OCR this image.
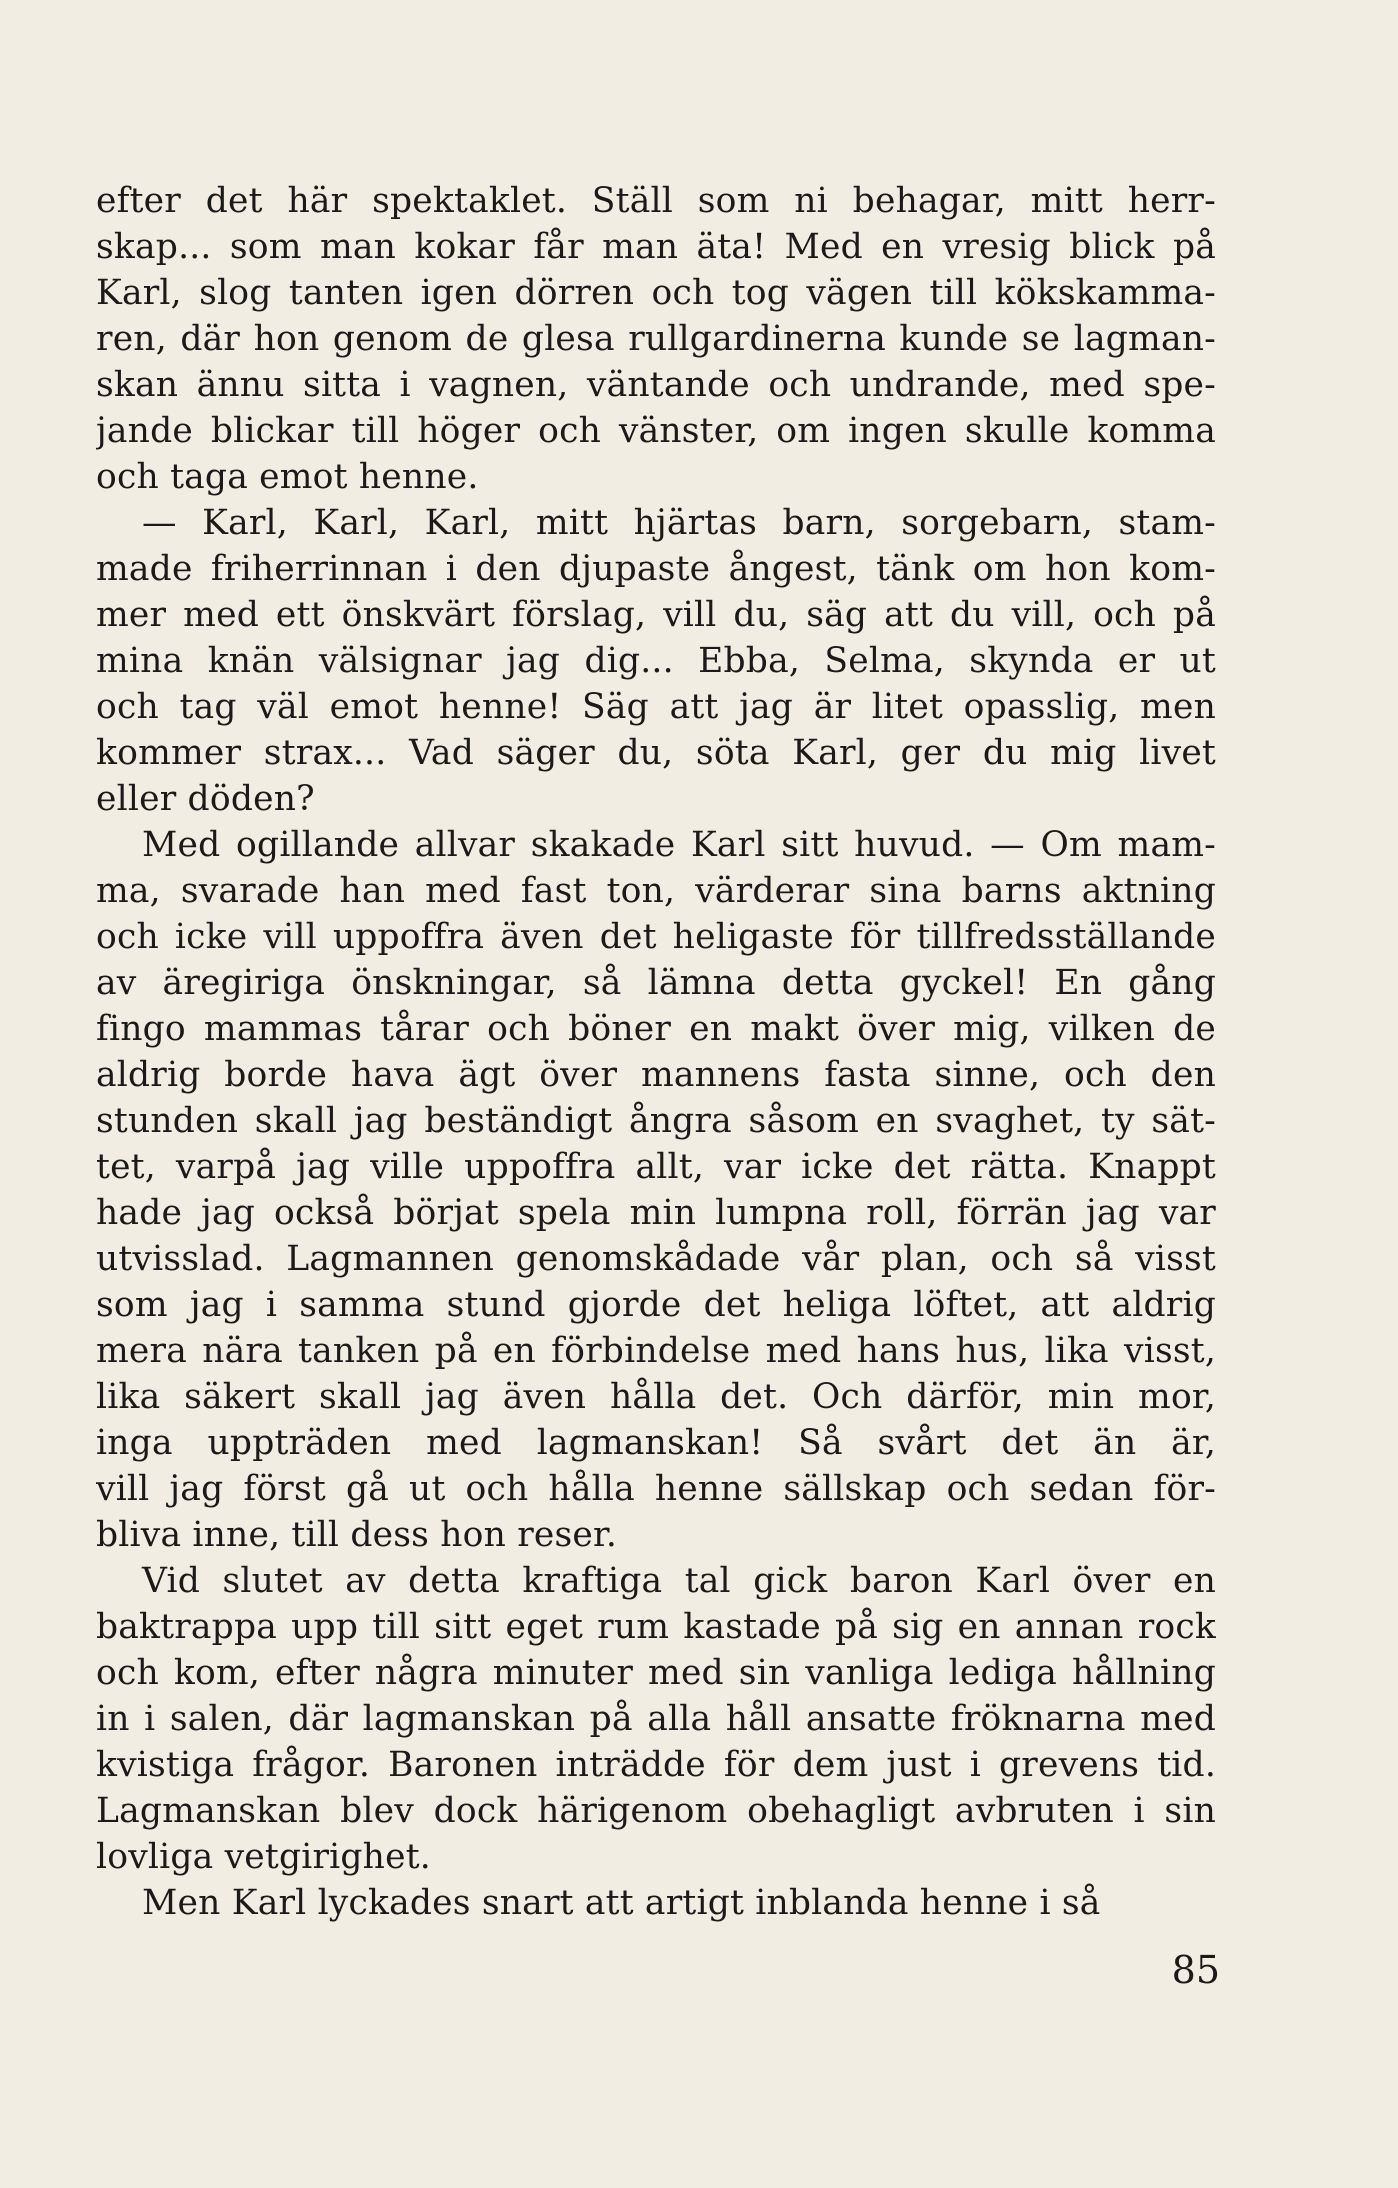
efter det här spektaklet. Ställ som ni behagar, mitt herr-
skap... som man kokar får man äta! Med en vresig blick på
Karl, slog tanten igen dörren och tog vägen till kökskamma-
ren, där hon genom de glesa rullgardinerna kunde se lagman-
skan ännu sitta i vagnen, väntande och undrande, med spe-
jande blickar till höger och vänster, om ingen skulle komma
och taga emot henne.
— Karl, Karl, Karl, mitt hjärtas barn, sorgebarn, stam-
made friherrinnan i den djupaste ångest, tänk om hon kom-
mer med ett önskvärt förslag, vill du, säg att du vill, och på
mina knän välsignar jag dig... Ebba, Selma, skynda er ut
och tag väl emot henne! Säg att jag är litet opasslig, men
kommer strax... Vad säger du, söta Karl, ger du mig livet
eller döden?
Med ogillande allvar skakade Karl sitt huvud. — Om mam-
ma, svarade han med fast ton, värderar sina barns aktning
och icke vill uppoffra även det heligaste för tillfredsställande
av äregiriga önskningar, så lämna detta gyckel! En gång
fingo mammas tårar och böner en makt över mig, vilken de
aldrig borde hava ägt över mannens fasta sinne, och den
stunden skall jag beständigt ångra såsom en svaghet, ty sät-
tet, varpå jag ville uppoffra allt, var icke det rätta. Knappt
hade jag också börjat spela min lumpna roll, förrän jag var
utvisslad. Lagmannen genomskådade vår plan, och så visst
som jag i samma stund gjorde det heliga löftet, att aldrig
mera nära tanken på en förbindelse med hans hus, lika visst,
lika säkert skall jag även hålla det. Och därför, min mor,
inga uppträden med lagmanskan! Så svårt det än är,
vill jag först gå ut och hålla henne sällskap och sedan för-
bliva inne, till dess hon reser.
Vid slutet av detta kraftiga tal gick baron Karl över en
baktrappa upp till sitt eget rum kastade på sig en annan rock
och kom, efter några minuter med sin vanliga lediga hållning
in i salen, där lagmanskan på alla håll ansatte fröknarna med
kvistiga frågor. Baronen inträdde för dem just i grevens tid.
Lagmanskan blev dock härigenom obehagligt avbruten i sin
lovliga vetgirighet.
Men Karl lyckades snart att artigt inblanda henne i så
85
